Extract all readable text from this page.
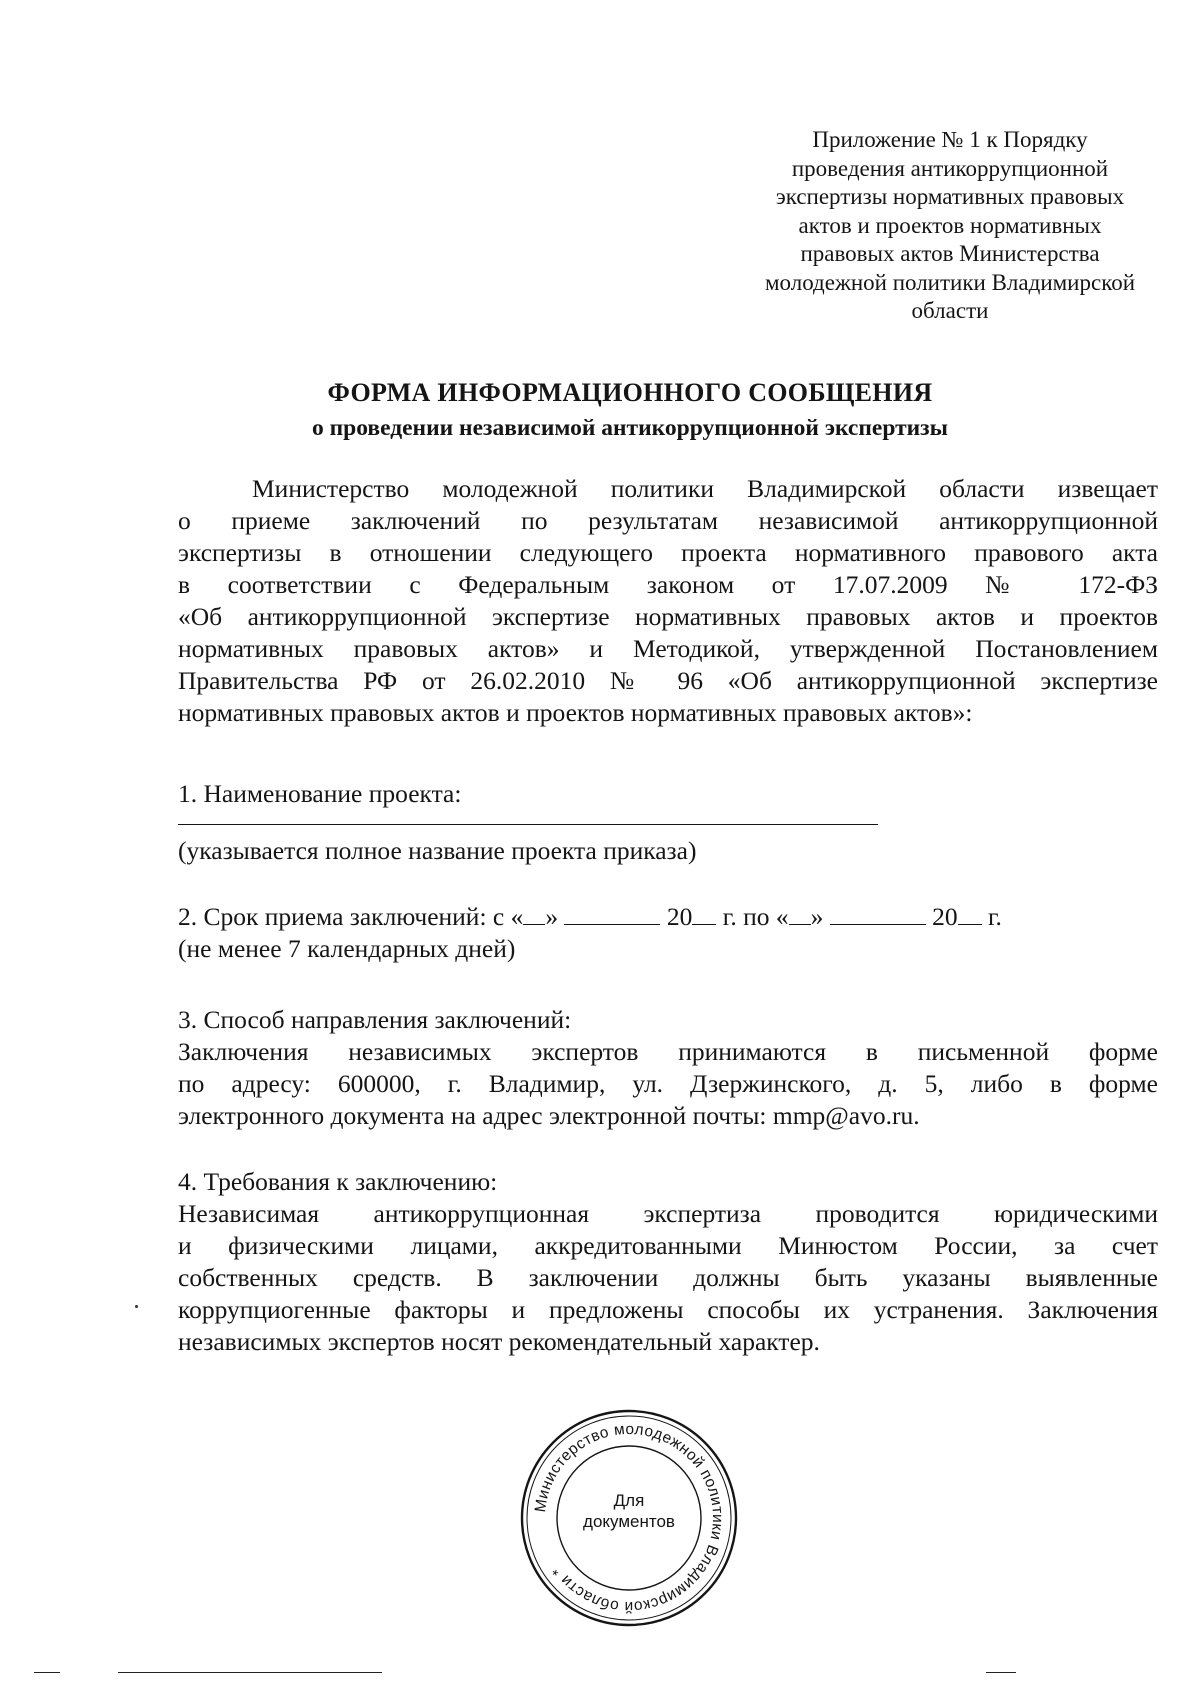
Приложение № 1 к Порядку
проведения антикоррупционной
экспертизы нормативных правовых
актов и проектов нормативных
правовых актов Министерства
молодежной политики Владимирской
области
ФОРМА ИНФОРМАЦИОННОГО СООБЩЕНИЯ
о проведении независимой антикоррупционной экспертизы
Министерство молодежной политики Владимирской области извещает
о приеме заключений по результатам независимой антикоррупционной
экспертизы в отношении следующего проекта нормативного правового акта
в соответствии с Федеральным законом от 17.07.2009 № 172-ФЗ
«Об антикоррупционной экспертизе нормативных правовых актов и проектов
нормативных правовых актов» и Методикой, утвержденной Постановлением
Правительства РФ от 26.02.2010 № 96 «Об антикоррупционной экспертизе
нормативных правовых актов и проектов нормативных правовых актов»:
1. Наименование проекта:
(указывается полное название проекта приказа)
2. Срок приема заключений: с « »	20 г. по « »	20 г.
(не менее 7 календарных дней)
3. Способ направления заключений:
Заключения независимых экспертов принимаются в письменной форме
по адресу: 600000, г. Владимир, ул. Дзержинского, д. 5, либо в форме
электронного документа на адрес электронной почты: mmp@avo.ru.
4. Требования к заключению:
Независимая антикоррупционная экспертиза проводится юридическими
и физическими лицами, аккредитованными Минюстом России, за счет
собственных средств. В заключении должны быть указаны выявленные
коррупциогенные факторы и предложены способы их устранения. Заключения
независимых экспертов носят рекомендательный характер.
Министерство молодежной политики Владимирской области *
Для
документов
